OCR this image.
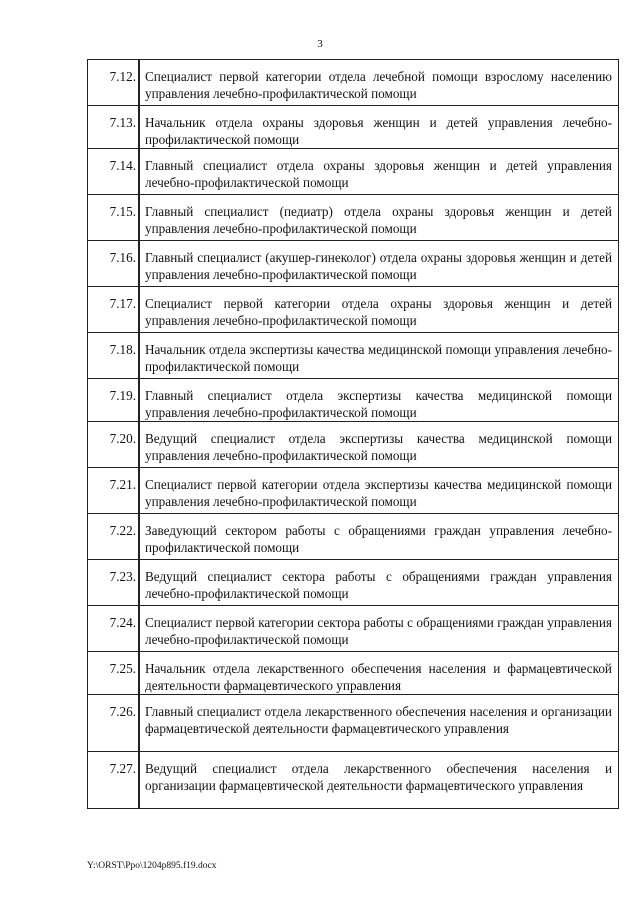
3
7.12.	Специалист первой категории отдела лечебной помощи взрослому населению управления лечебно-профилактической помощи
7.13.	Начальник отдела охраны здоровья женщин и детей управления лечебно-профилактической помощи
7.14.	Главный специалист отдела охраны здоровья женщин и детей управления лечебно-профилактической помощи
7.15.	Главный специалист (педиатр) отдела охраны здоровья женщин и детей управления лечебно-профилактической помощи
7.16.	Главный специалист (акушер-гинеколог) отдела охраны здоровья женщин и детей управления лечебно-профилактической помощи
7.17.	Специалист первой категории отдела охраны здоровья женщин и детей управления лечебно-профилактической помощи
7.18.	Начальник отдела экспертизы качества медицинской помощи управления лечебно-профилактической помощи
7.19.	Главный специалист отдела экспертизы качества медицинской помощи управления лечебно-профилактической помощи
7.20.	Ведущий специалист отдела экспертизы качества медицинской помощи управления лечебно-профилактической помощи
7.21.	Специалист первой категории отдела экспертизы качества медицинской помощи управления лечебно-профилактической помощи
7.22.	Заведующий сектором работы с обращениями граждан управления лечебно-профилактической помощи
7.23.	Ведущий специалист сектора работы с обращениями граждан управления лечебно-профилактической помощи
7.24.	Специалист первой категории сектора работы с обращениями граждан управления лечебно-профилактической помощи
7.25.	Начальник отдела лекарственного обеспечения населения и фармацевтической деятельности фармацевтического управления
7.26.	Главный специалист отдела лекарственного обеспечения населения и организации фармацевтической деятельности фармацевтического управления
7.27.	Ведущий специалист отдела лекарственного обеспечения населения и организации фармацевтической деятельности фармацевтического управления
Y:\ORST\Ppo\1204p895.f19.docx
